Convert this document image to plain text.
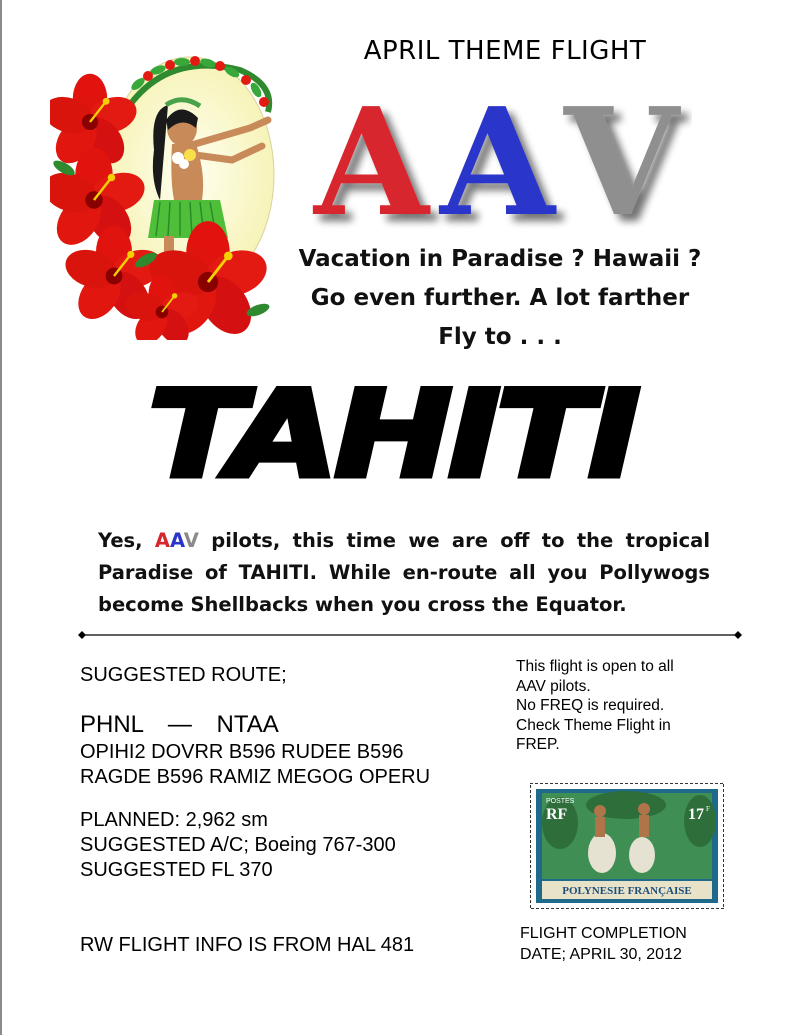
APRIL THEME FLIGHT
A A V
Vacation in Paradise ? Hawaii ?
Go even further. A lot farther
Fly to . . .
TAHITI
Yes, AAV pilots, this time we are off to the tropical Paradise of TAHITI. While en-route all you Pollywogs become Shellbacks when you cross the Equator.
SUGGESTED ROUTE;
PHNL — NTAA
OPIHI2 DOVRR B596 RUDEE B596
RAGDE B596 RAMIZ MEGOG OPERU
PLANNED: 2,962 sm
SUGGESTED A/C; Boeing 767-300
SUGGESTED FL 370
RW FLIGHT INFO IS FROM HAL 481
This flight is open to all
AAV pilots.
No FREQ is required.
Check Theme Flight in
FREP.
POSTES
RF	17 F
POLYNESIE FRANÇAISE
FLIGHT COMPLETION
DATE; APRIL 30, 2012
